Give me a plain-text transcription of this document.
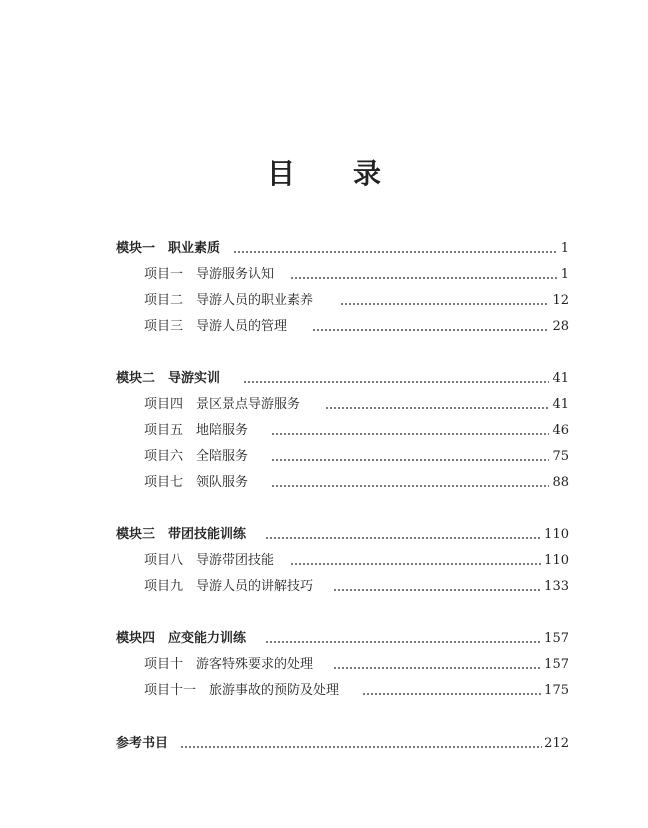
目 录
模块一　职业素质	1
项目一　导游服务认知	1
项目二　导游人员的职业素养	12
项目三　导游人员的管理	28
模块二　导游实训	41
项目四　景区景点导游服务	41
项目五　地陪服务	46
项目六　全陪服务	75
项目七　领队服务	88
模块三　带团技能训练	110
项目八　导游带团技能	110
项目九　导游人员的讲解技巧	133
模块四　应变能力训练	157
项目十　游客特殊要求的处理	157
项目十一　旅游事故的预防及处理	175
参考书目	212
